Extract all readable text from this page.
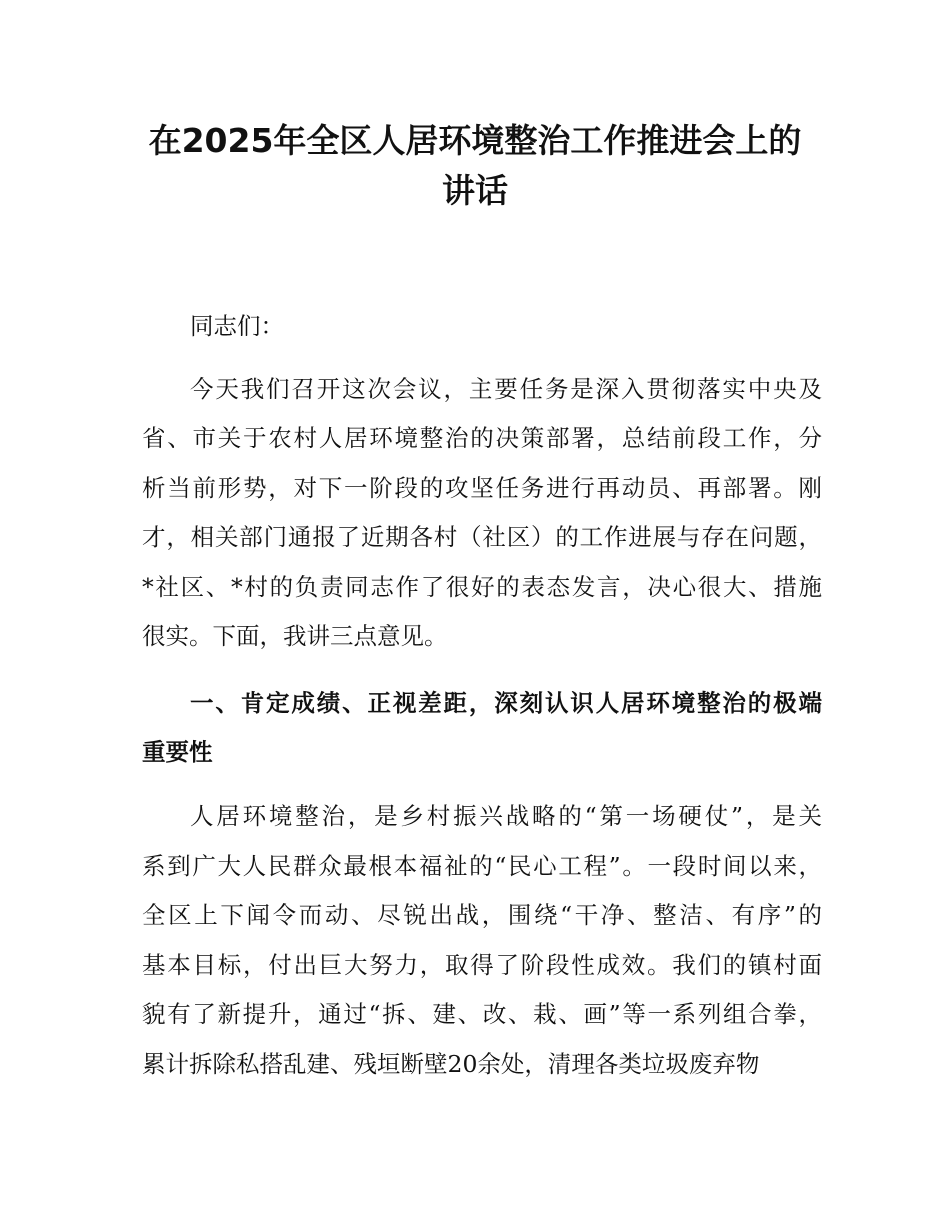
在2025年全区人居环境整治工作推进会上的
讲话

同志们：

今天我们召开这次会议，主要任务是深入贯彻落实中央及

省、市关于农村人居环境整治的决策部署，总结前段工作，分

析当前形势，对下一阶段的攻坚任务进行再动员、再部署。刚

才，相关部门通报了近期各村（社区）的工作进展与存在问题，

*社区、*村的负责同志作了很好的表态发言，决心很大、措施

很实。下面，我讲三点意见。

一、肯定成绩、正视差距，深刻认识人居环境整治的极端
重要性

人居环境整治，是乡村振兴战略的“第一场硬仗”，是关

系到广大人民群众最根本福祉的“民心工程”。一段时间以来，

全区上下闻令而动、尽锐出战，围绕“干净、整洁、有序”的

基本目标，付出巨大努力，取得了阶段性成效。我们的镇村面

貌有了新提升，通过“拆、建、改、栽、画”等一系列组合拳，

累计拆除私搭乱建、残垣断壁20余处，清理各类垃圾废弃物
